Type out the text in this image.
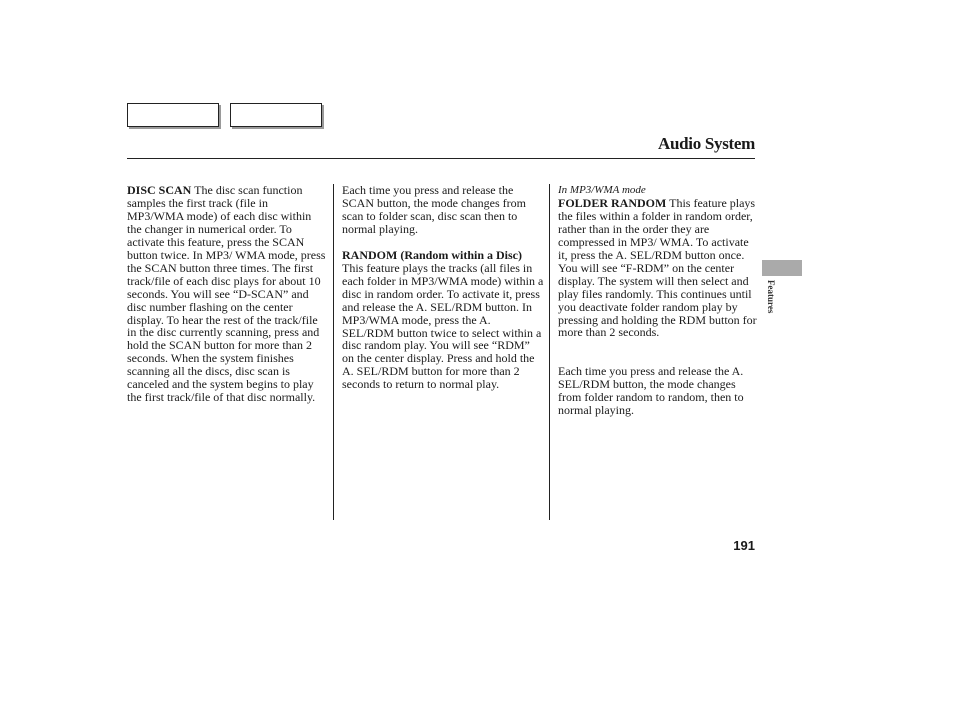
Audio System
DISC SCAN The disc scan function samples the first track (file in MP3/WMA mode) of each disc within the changer in numerical order. To activate this feature, press the SCAN button twice. In MP3/ WMA mode, press the SCAN button three times. The first track/file of each disc plays for about 10 seconds. You will see “D-SCAN” and disc number flashing on the center display. To hear the rest of the track/file in the disc currently scanning, press and hold the SCAN button for more than 2 seconds. When the system finishes scanning all the discs, disc scan is canceled and the system begins to play the first track/file of that disc normally.
Each time you press and release the SCAN button, the mode changes from scan to folder scan, disc scan then to normal playing.
RANDOM (Random within a Disc) This feature plays the tracks (all files in each folder in MP3/WMA mode) within a disc in random order. To activate it, press and release the A. SEL/RDM button. In MP3/WMA mode, press the A. SEL/RDM button twice to select within a disc random play. You will see “RDM” on the center display. Press and hold the A. SEL/RDM button for more than 2 seconds to return to normal play.
In MP3/WMA mode
FOLDER RANDOM This feature plays the files within a folder in random order, rather than in the order they are compressed in MP3/ WMA. To activate it, press the A. SEL/RDM button once. You will see “F-RDM” on the center display. The system will then select and play files randomly. This continues until you deactivate folder random play by pressing and holding the RDM button for more than 2 seconds.
Each time you press and release the A. SEL/RDM button, the mode changes from folder random to random, then to normal playing.
Features
191
